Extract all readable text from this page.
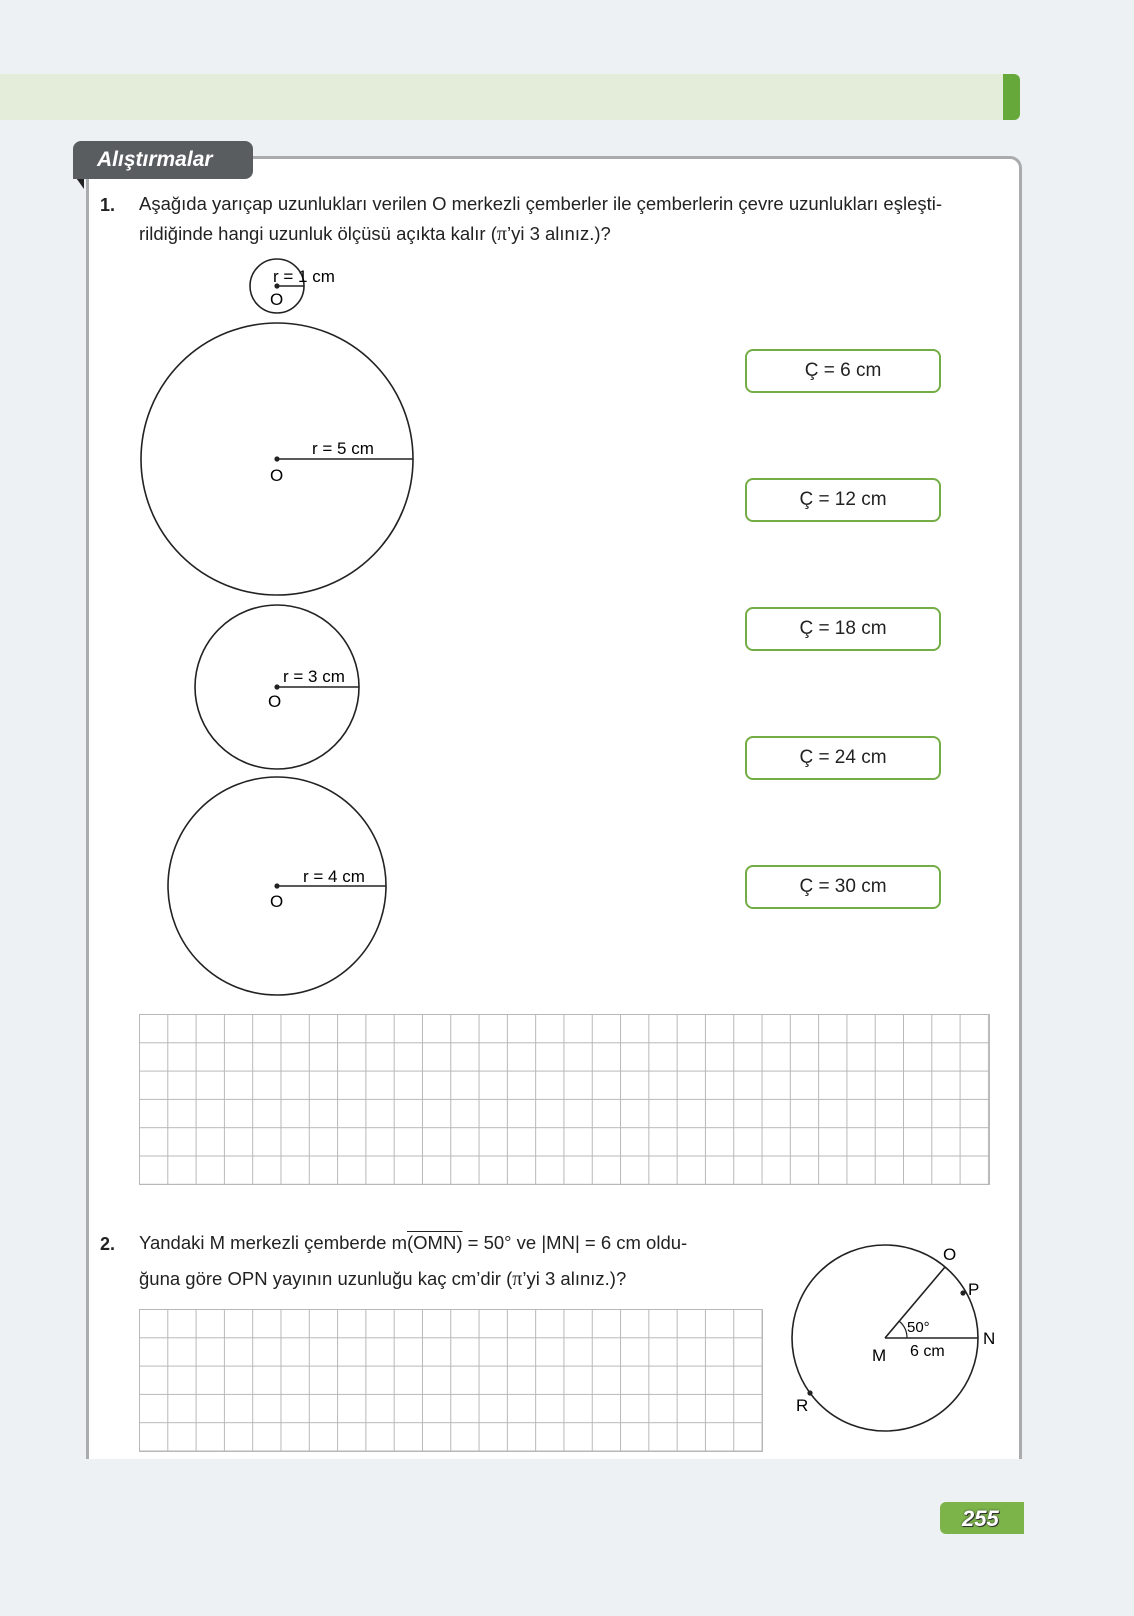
Alıştırmalar
1. Aşağıda yarıçap uzunlukları verilen O merkezli çemberler ile çemberlerin çevre uzunlukları eşleşti-
rildiğinde hangi uzunluk ölçüsü açıkta kalır (π’yi 3 alınız.)?
O
r = 1 cm
O
r = 5 cm
O
r = 3 cm
O
r = 4 cm
Ç = 6 cm
Ç = 12 cm
Ç = 18 cm
Ç = 24 cm
Ç = 30 cm
2. Yandaki M merkezli çemberde m(OMN) = 50° ve |MN| = 6 cm oldu-
ğuna göre OPN yayının uzunluğu kaç cm’dir (π’yi 3 alınız.)?
M
O
P
N
R
50°
6 cm
255
